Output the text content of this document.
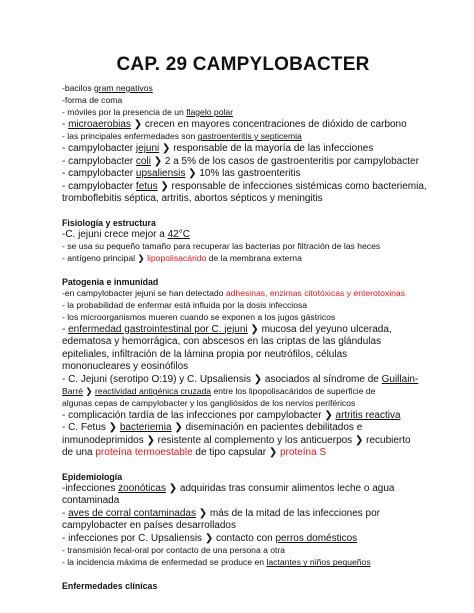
CAP. 29 CAMPYLOBACTER
-bacilos gram negativos
-forma de coma
- móviles por la presencia de un flagelo polar
- microaerobias ❯ crecen en mayores concentraciones de dióxido de carbono
- las principales enfermedades son gastroenteritis y septicemia
- campylobacter jejuni ❯ responsable de la mayoría de las infecciones
- campylobacter coli ❯ 2 a 5% de los casos de gastroenteritis por campylobacter
- campylobacter upsaliensis ❯ 10% las gastroenteritis
- campylobacter fetus ❯ responsable de infecciones sistémicas como bacteriemia,
tromboflebitis séptica, artritis, abortos sépticos y meningitis
Fisiología y estructura
-C. jejuni crece mejor a 42°C
- se usa su pequeño tamaño para recuperar las bacterias por filtración de las heces
- antígeno principal ❯ lipopolisacárido de la membrana externa
Patogenia e inmunidad
-en campylobacter jejuni se han detectado adhesinas, enzimas citotóxicas y enterotoxinas
- la probabilidad de enfermar está influida por la dosis infecciosa
- los microorganismos mueren cuando se exponen a los jugos gástricos
- enfermedad gastrointestinal por C. jejuni ❯ mucosa del yeyuno ulcerada,
edematosa y hemorrágica, con abscesos en las criptas de las glándulas
epiteliales, infiltración de la lámina propia por neutrófilos, células
mononucleares y eosinófilos
- C. Jejuni (serotipo O:19) y C. Upsaliensis ❯ asociados al síndrome de Guillain-
Barré ❯ reactividad antigénica cruzada entre los lipopolisacáridos de superficie de
algunas cepas de campylobacter y los gangliósidos de los nervios periféricos
- complicación tardía de las infecciones por campylobacter ❯ artritis reactiva
- C. Fetus ❯ bacteriemia ❯ diseminación en pacientes debilitados e
inmunodeprimidos ❯ resistente al complemento y los anticuerpos ❯ recubierto
de una proteína termoestable de tipo capsular ❯ proteína S
Epidemiología
-infecciones zoonóticas ❯ adquiridas tras consumir alimentos leche o agua
contaminada
- aves de corral contaminadas ❯ más de la mitad de las infecciones por
campylobacter en países desarrollados
- infecciones por C. Upsaliensis ❯ contacto con perros domésticos
- transmisión fecal-oral por contacto de una persona a otra
- la incidencia máxima de enfermedad se produce en lactantes y niños pequeños
Enfermedades clínicas
